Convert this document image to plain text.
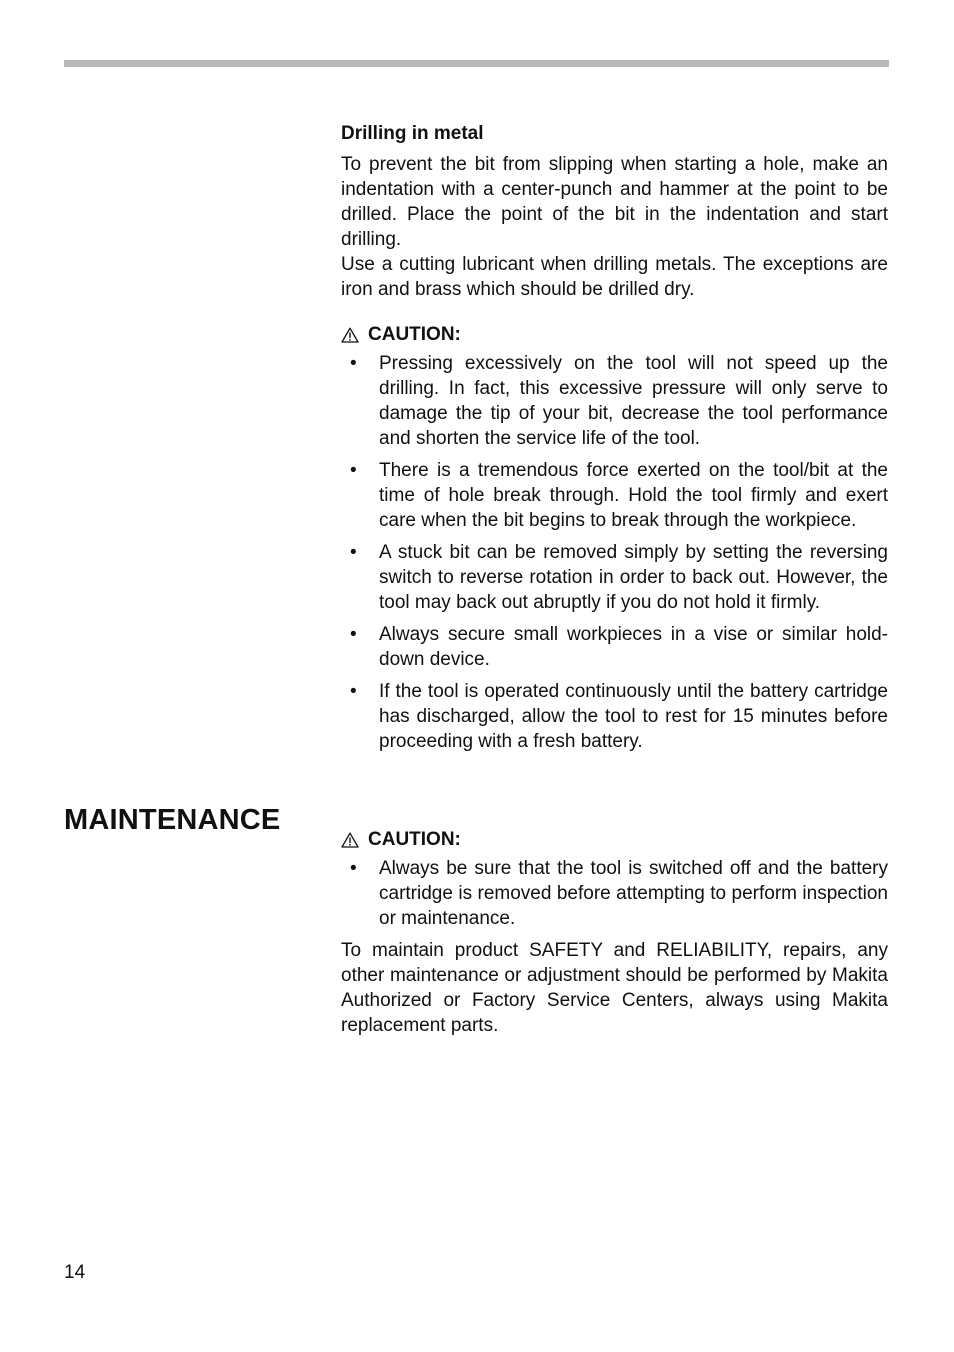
Drilling in metal

To prevent the bit from slipping when starting a hole, make an indentation with a center-punch and hammer at the point to be drilled. Place the point of the bit in the indentation and start drilling.

Use a cutting lubricant when drilling metals. The exceptions are iron and brass which should be drilled dry.

CAUTION:
• Pressing excessively on the tool will not speed up the drilling. In fact, this excessive pressure will only serve to damage the tip of your bit, decrease the tool performance and shorten the service life of the tool.
• There is a tremendous force exerted on the tool/bit at the time of hole break through. Hold the tool firmly and exert care when the bit begins to break through the workpiece.
• A stuck bit can be removed simply by setting the reversing switch to reverse rotation in order to back out. However, the tool may back out abruptly if you do not hold it firmly.
• Always secure small workpieces in a vise or similar hold-down device.
• If the tool is operated continuously until the battery cartridge has discharged, allow the tool to rest for 15 minutes before proceeding with a fresh battery.
MAINTENANCE
CAUTION:
• Always be sure that the tool is switched off and the battery cartridge is removed before attempting to perform inspection or maintenance.

To maintain product SAFETY and RELIABILITY, repairs, any other maintenance or adjustment should be performed by Makita Authorized or Factory Service Centers, always using Makita replacement parts.

14
